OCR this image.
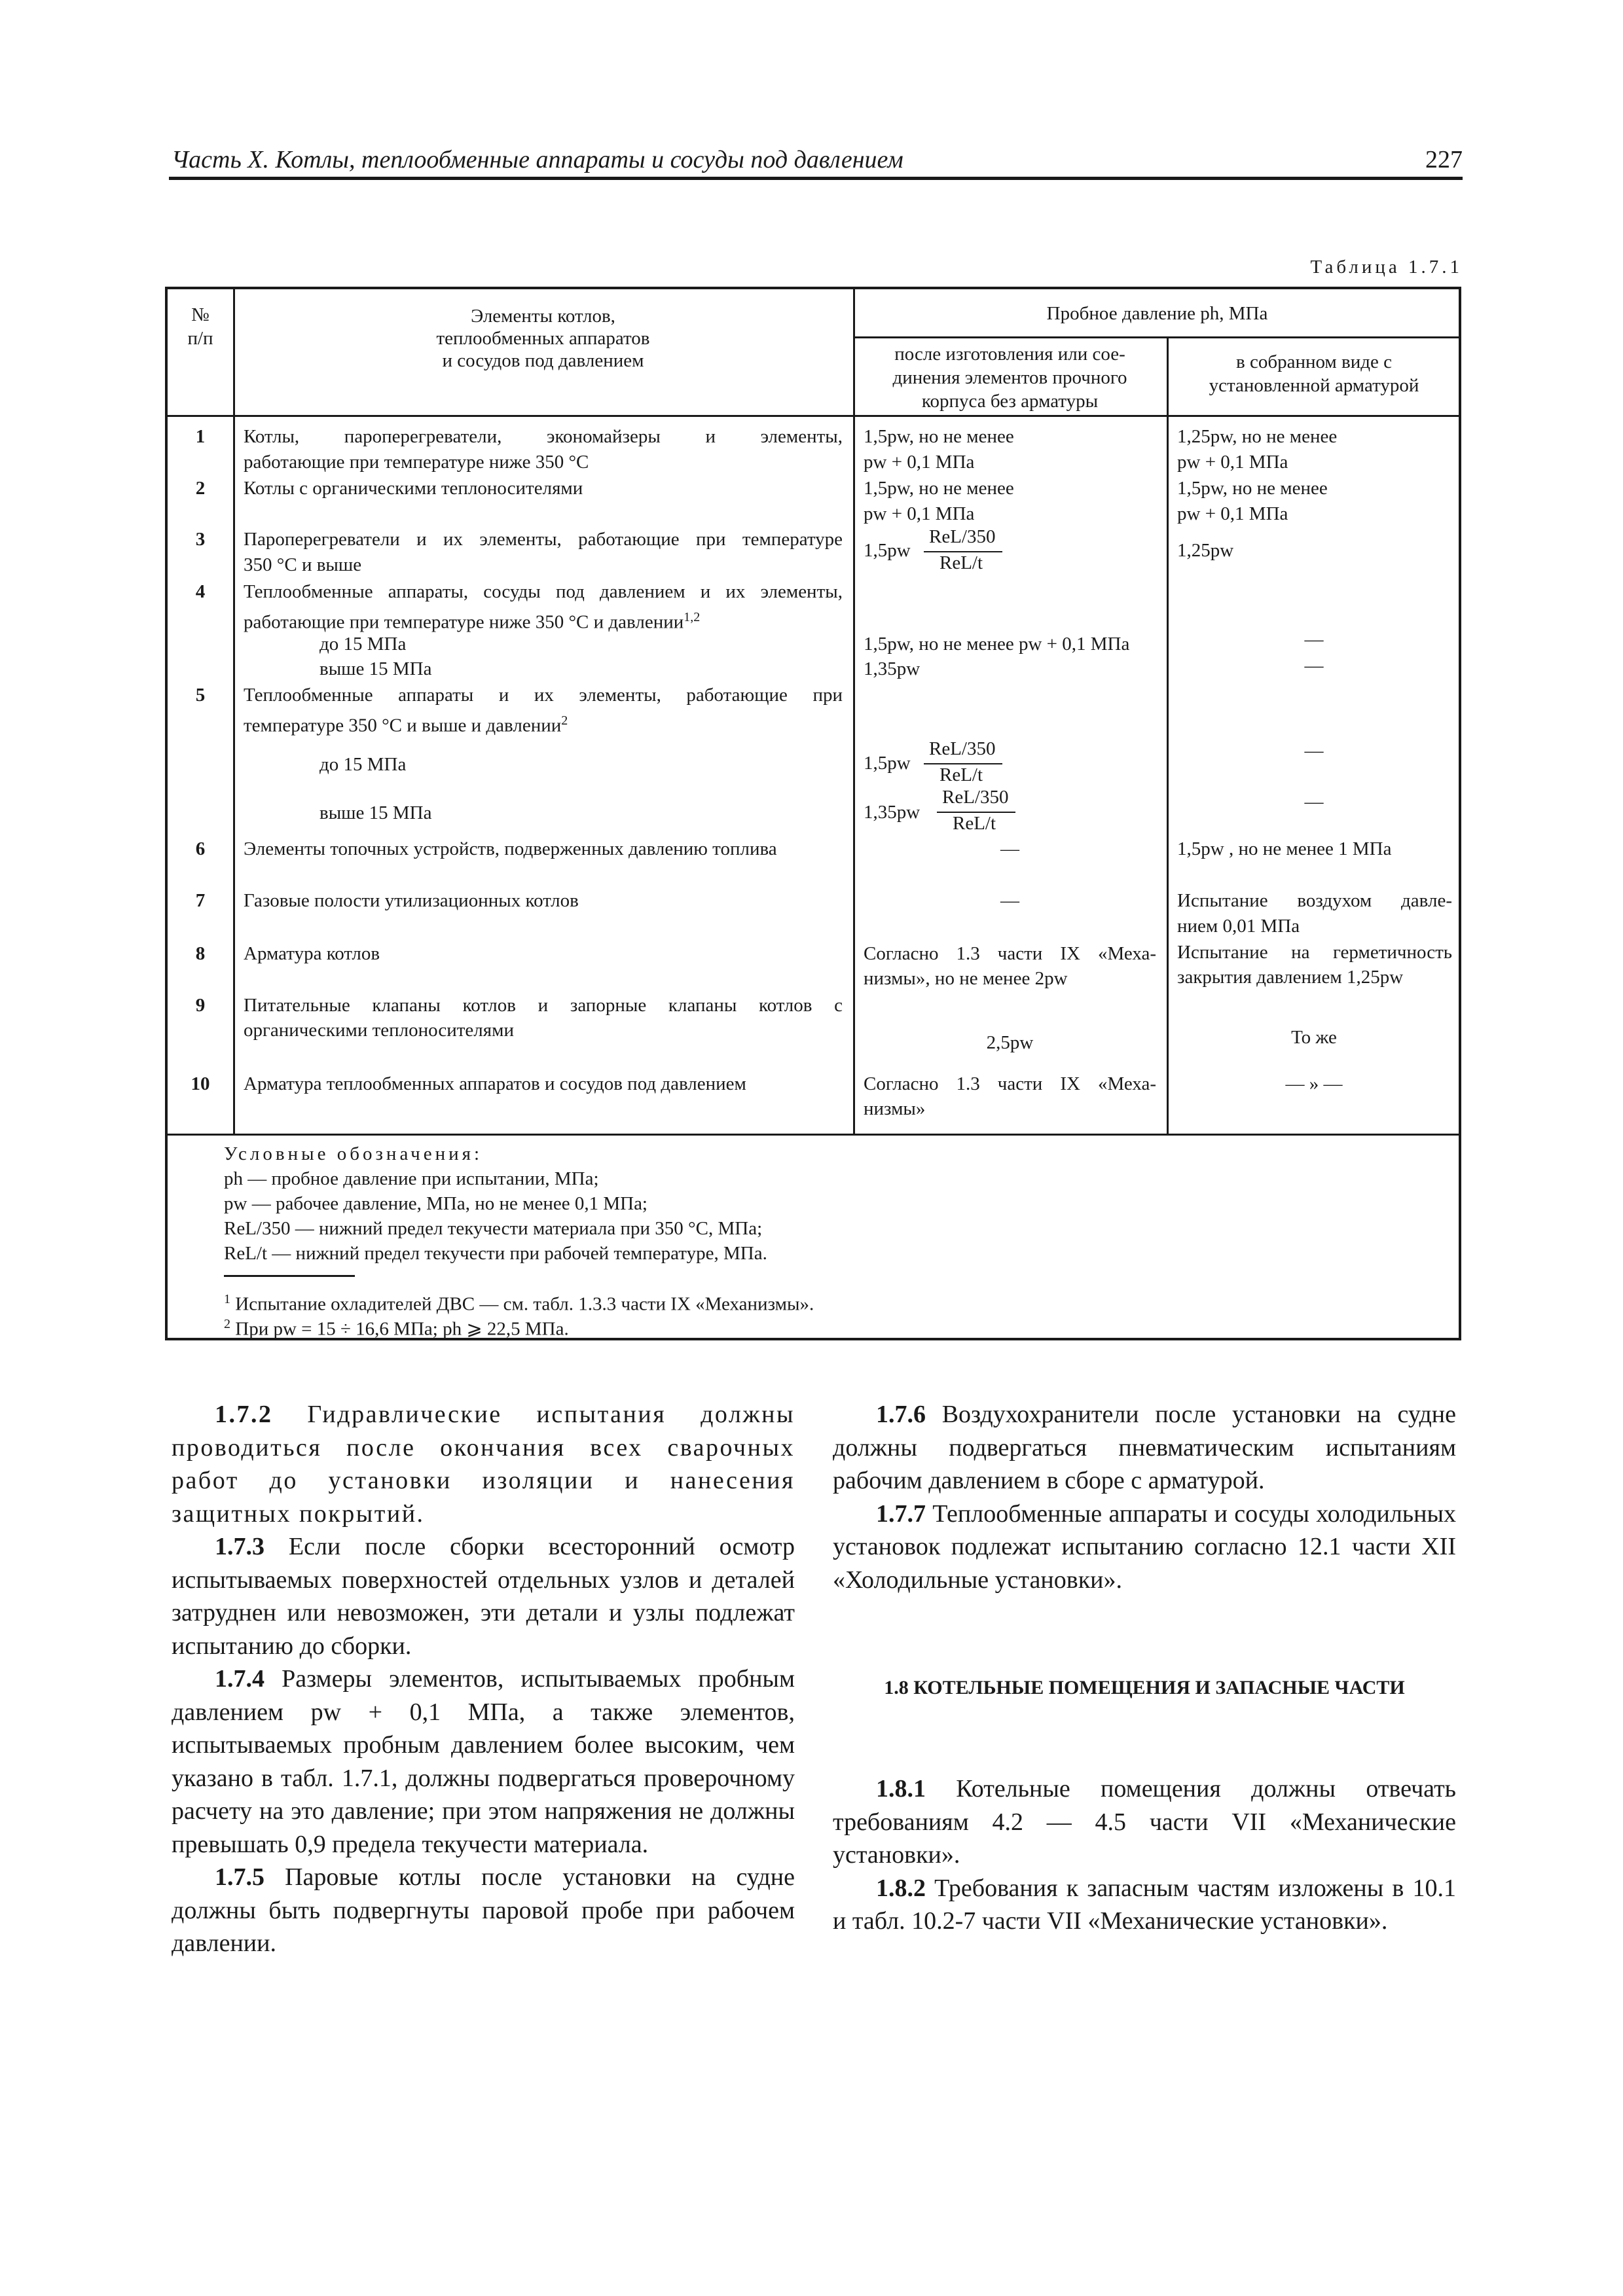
Часть X. Котлы, теплообменные аппараты и сосуды под давлением	227
Таблица 1.7.1
№
п/п
Элементы котлов,
теплообменных аппаратов
и сосудов под давлением
Пробное давление ph, МПа
после изготовления или сое-
динения элементов прочного
корпуса без арматуры
в собранном виде с
установленной арматурой
1
2
3
4
5
6
7
8
9
10
Котлы, пароперегреватели, экономайзеры и элементы,
работающие при температуре ниже 350 °С
Котлы с органическими теплоносителями
Пароперегреватели и их элементы, работающие при температуре
350 °С и выше
Теплообменные аппараты, сосуды под давлением и их элементы,
работающие при температуре ниже 350 °С и давлении$^{1,2}$
до 15 МПа
выше 15 МПа
Теплообменные аппараты и их элементы, работающие при
температуре 350 °С и выше и давлении$^2$
до 15 МПа
выше 15 МПа
Элементы топочных устройств, подверженных давлению топлива
Газовые полости утилизационных котлов
Арматура котлов
Питательные клапаны котлов и запорные клапаны котлов с
органическими теплоносителями
Арматура теплообменных аппаратов и сосудов под давлением
1,5pw, но не менее
pw + 0,1 МПа
1,5pw, но не менее
pw + 0,1 МПа
1,5pw
ReL/350
ReL/t
1,5pw, но не менее pw + 0,1 МПа
1,35pw
1,5pw
ReL/350
ReL/t
1,35pw
ReL/350
ReL/t
—
—
Согласно 1.3 части IX «Меха-
низмы», но не менее 2pw
2,5pw
Согласно 1.3 части IX «Меха-
низмы»
1,25pw, но не менее
pw + 0,1 МПа
1,5pw, но не менее
pw + 0,1 МПа
1,25pw
—
—
—
—
1,5pw , но не менее 1 МПа
Испытание воздухом давле-
нием 0,01 МПа
Испытание на герметичность
закрытия давлением 1,25pw
То же
— » —
Условные обозначения:
ph — пробное давление при испытании, МПа;
pw — рабочее давление, МПа, но не менее 0,1 МПа;
ReL/350 — нижний предел текучести материала при 350 °С, МПа;
ReL/t — нижний предел текучести при рабочей температуре, МПа.
$^1$ Испытание охладителей ДВС — см. табл. 1.3.3 части IX «Механизмы».
$^2$ При pw = 15 ÷ 16,6 МПа; ph ⩾ 22,5 МПа.

1.7.2 Гидравлические испытания должны проводиться после окончания всех сварочных работ до установки изоляции и нанесения защитных покрытий.

1.7.3 Если после сборки всесторонний осмотр испытываемых поверхностей отдельных узлов и деталей затруднен или невозможен, эти детали и узлы подлежат испытанию до сборки.

1.7.4 Размеры элементов, испытываемых пробным давлением pw + 0,1 МПа, а также элементов, испытываемых пробным давлением более высоким, чем указано в табл. 1.7.1, должны подвергаться проверочному расчету на это давление; при этом напряжения не должны превышать 0,9 предела текучести материала.

1.7.5 Паровые котлы после установки на судне должны быть подвергнуты паровой пробе при рабочем давлении.

1.7.6 Воздухохранители после установки на судне должны подвергаться пневматическим испытаниям рабочим давлением в сборе с арматурой.

1.7.7 Теплообменные аппараты и сосуды холодильных установок подлежат испытанию согласно 12.1 части XII «Холодильные установки».

1.8 КОТЕЛЬНЫЕ ПОМЕЩЕНИЯ И ЗАПАСНЫЕ ЧАСТИ

1.8.1 Котельные помещения должны отвечать требованиям 4.2 — 4.5 части VII «Механические установки».

1.8.2 Требования к запасным частям изложены в 10.1 и табл. 10.2-7 части VII «Механические установки».
